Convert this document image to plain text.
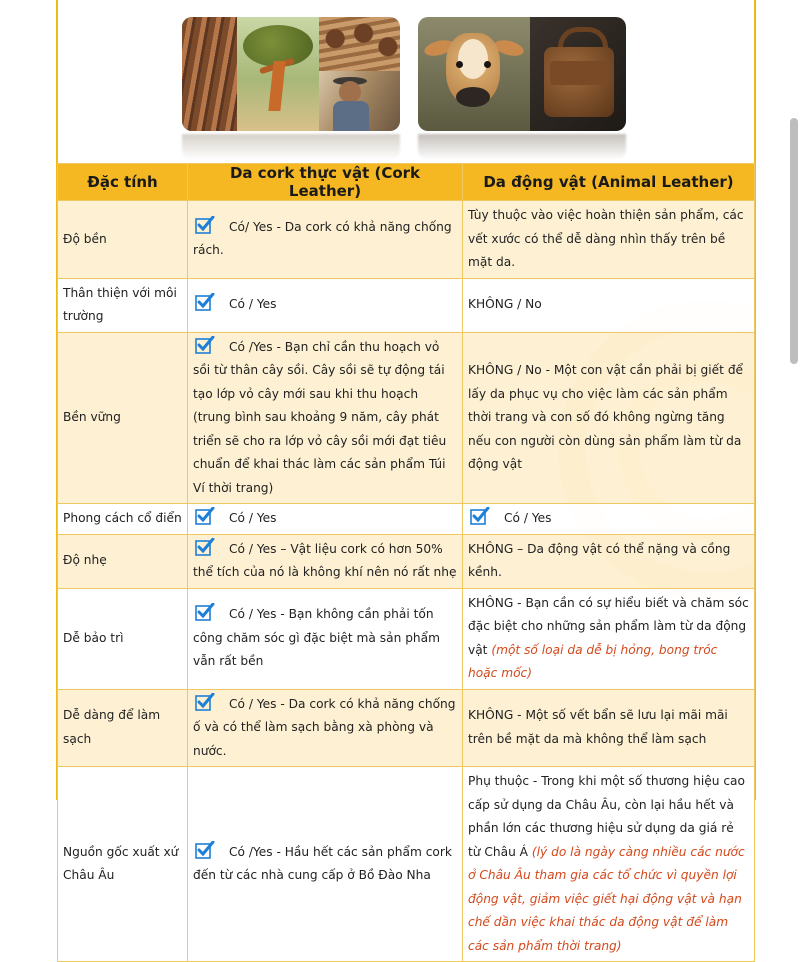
Đặc tính	Da cork thực vật (Cork Leather)	Da động vật (Animal Leather)
Độ bền	Có/ Yes - Da cork có khả năng chống rách.	Tùy thuộc vào việc hoàn thiện sản phẩm, các vết xước có thể dễ dàng nhìn thấy trên bề mặt da.
Thân thiện với môi trường	Có / Yes	KHÔNG / No
Bền vững	Có /Yes - Bạn chỉ cần thu hoạch vỏ sồi từ thân cây sồi. Cây sồi sẽ tự động tái tạo lớp vỏ cây mới sau khi thu hoạch (trung bình sau khoảng 9 năm, cây phát triển sẽ cho ra lớp vỏ cây sồi mới đạt tiêu chuẩn để khai thác làm các sản phẩm Túi Ví thời trang)	KHÔNG / No - Một con vật cần phải bị giết để lấy da phục vụ cho việc làm các sản phẩm thời trang và con số đó không ngừng tăng nếu con người còn dùng sản phẩm làm từ da động vật
Phong cách cổ điển	Có / Yes	Có / Yes
Độ nhẹ	Có / Yes – Vật liệu cork có hơn 50% thể tích của nó là không khí nên nó rất nhẹ	KHÔNG – Da động vật có thể nặng và cồng kềnh.
Dễ bảo trì	Có / Yes - Bạn không cần phải tốn công chăm sóc gì đặc biệt mà sản phẩm vẫn rất bền	KHÔNG - Bạn cần có sự hiểu biết và chăm sóc đặc biệt cho những sản phẩm làm từ da động vật (một số loại da dễ bị hỏng, bong tróc hoặc mốc)
Dễ dàng để làm sạch	Có / Yes - Da cork có khả năng chống ố và có thể làm sạch bằng xà phòng và nước.	KHÔNG - Một số vết bẩn sẽ lưu lại mãi mãi trên bề mặt da mà không thể làm sạch
Nguồn gốc xuất xứ Châu Âu	Có /Yes - Hầu hết các sản phẩm cork đến từ các nhà cung cấp ở Bồ Đào Nha	Phụ thuộc - Trong khi một số thương hiệu cao cấp sử dụng da Châu Âu, còn lại hầu hết và phần lớn các thương hiệu sử dụng da giá rẻ từ Châu Á (lý do là ngày càng nhiều các nước ở Châu Âu tham gia các tổ chức vì quyền lợi động vật, giảm việc giết hại động vật và hạn chế dần việc khai thác da động vật để làm các sản phẩm thời trang)
